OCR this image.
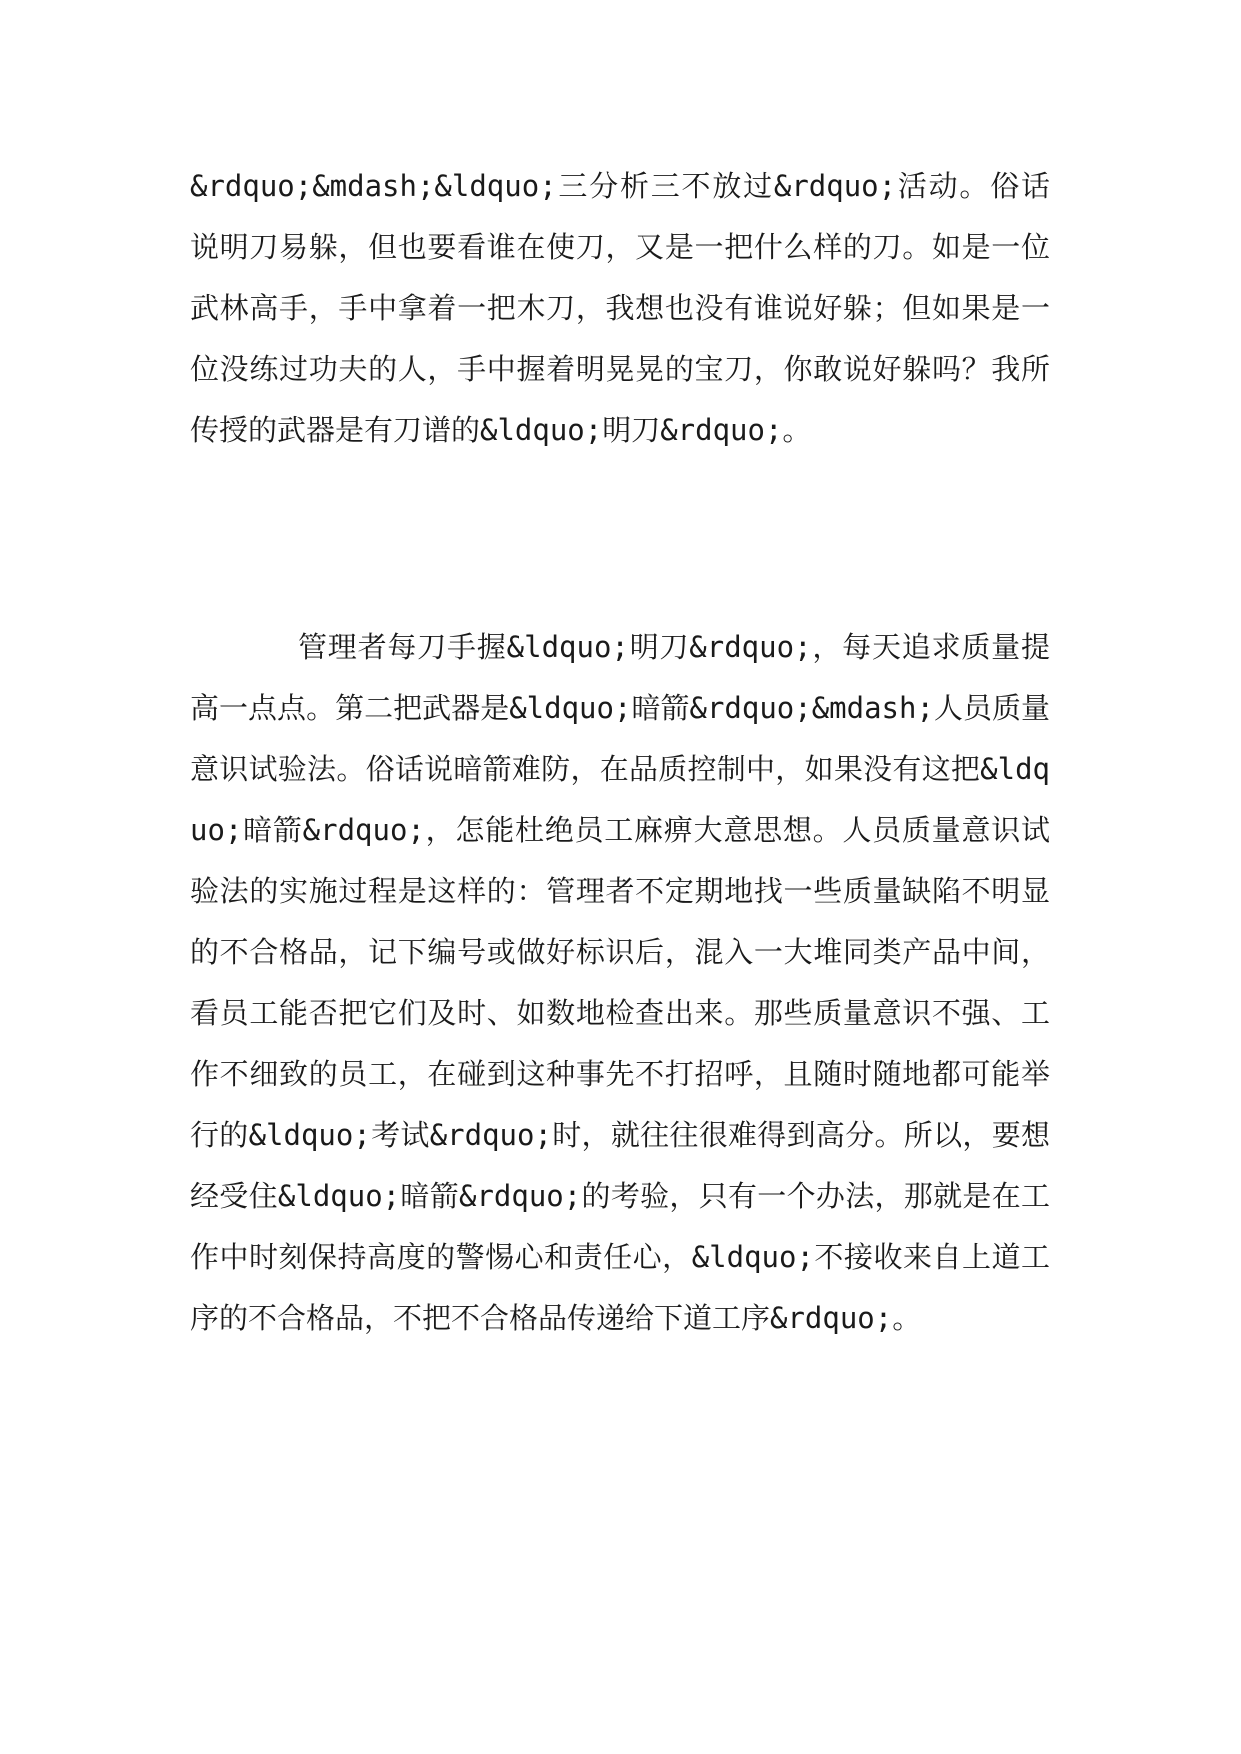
&rdquo;&mdash;&ldquo;三分析三不放过&rdquo;活动。俗话说明刀易躲，但也要看谁在使刀，又是一把什么样的刀。如是一位武林高手，手中拿着一把木刀，我想也没有谁说好躲；但如果是一位没练过功夫的人，手中握着明晃晃的宝刀，你敢说好躲吗？我所传授的武器是有刀谱的&ldquo;明刀&rdquo;。

管理者每刀手握&ldquo;明刀&rdquo;，每天追求质量提高一点点。第二把武器是&ldquo;暗箭&rdquo;&mdash;人员质量意识试验法。俗话说暗箭难防，在品质控制中，如果没有这把&ldquo;暗箭&rdquo;，怎能杜绝员工麻痹大意思想。人员质量意识试验法的实施过程是这样的：管理者不定期地找一些质量缺陷不明显的不合格品，记下编号或做好标识后，混入一大堆同类产品中间，看员工能否把它们及时、如数地检查出来。那些质量意识不强、工作不细致的员工，在碰到这种事先不打招呼，且随时随地都可能举行的&ldquo;考试&rdquo;时，就往往很难得到高分。所以，要想经受住&ldquo;暗箭&rdquo;的考验，只有一个办法，那就是在工作中时刻保持高度的警惕心和责任心，&ldquo;不接收来自上道工序的不合格品，不把不合格品传递给下道工序&rdquo;。
